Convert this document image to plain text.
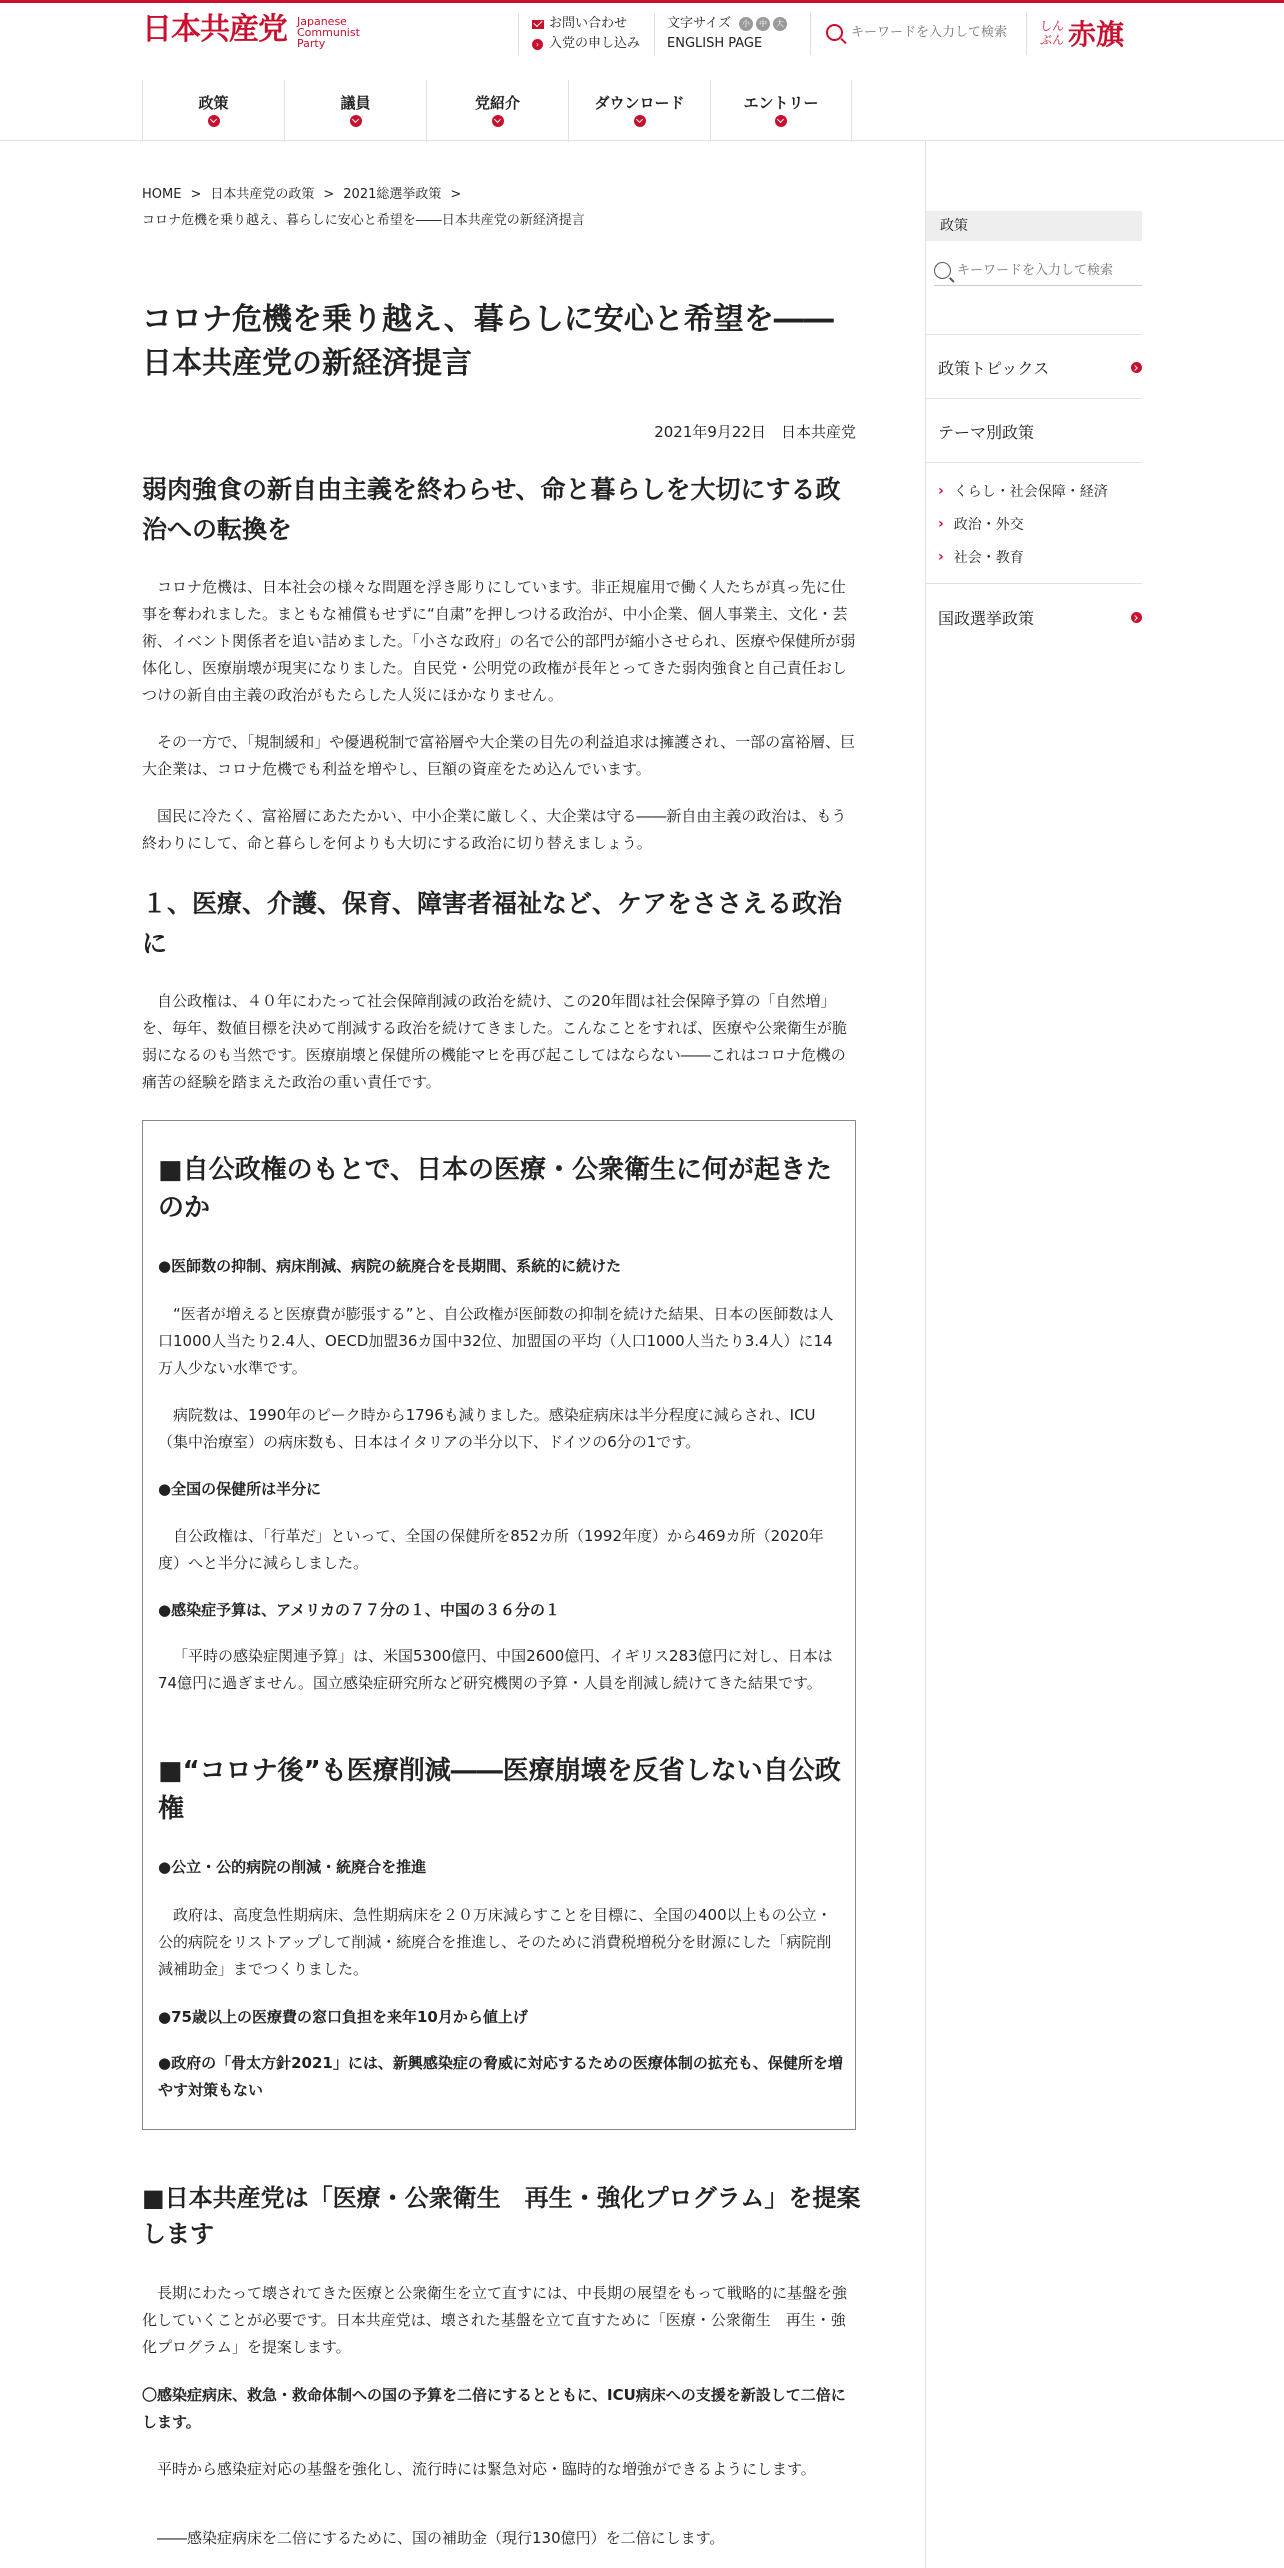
日本共産党 Japanese
Communist
Party
お問い合わせ
› 入党の申し込み
文字サイズ	小	中	大
ENGLISH PAGE
キーワードを入力して検索
しんぶん 赤旗
政策	議員	党紹介	ダウンロード	エントリー
政策
キーワードを入力して検索
政策トピックス
テーマ別政策
› くらし・社会保障・経済
› 政治・外交
› 社会・教育
国政選挙政策
HOME > 日本共産党の政策 > 2021総選挙政策 >
コロナ危機を乗り越え、暮らしに安心と希望を――日本共産党の新経済提言
コロナ危機を乗り越え、暮らしに安心と希望を――日本共産党の新経済提言
2021年9月22日　日本共産党
弱肉強食の新自由主義を終わらせ、命と暮らしを大切にする政治への転換を

コロナ危機は、日本社会の様々な問題を浮き彫りにしています。非正規雇用で働く人たちが真っ先に仕事を奪われました。まともな補償もせずに“自粛”を押しつける政治が、中小企業、個人事業主、文化・芸術、イベント関係者を追い詰めました。「小さな政府」の名で公的部門が縮小させられ、医療や保健所が弱体化し、医療崩壊が現実になりました。自民党・公明党の政権が長年とってきた弱肉強食と自己責任おしつけの新自由主義の政治がもたらした人災にほかなりません。

その一方で、「規制緩和」や優遇税制で富裕層や大企業の目先の利益追求は擁護され、一部の富裕層、巨大企業は、コロナ危機でも利益を増やし、巨額の資産をため込んでいます。

国民に冷たく、富裕層にあたたかい、中小企業に厳しく、大企業は守る――新自由主義の政治は、もう終わりにして、命と暮らしを何よりも大切にする政治に切り替えましょう。

１、医療、介護、保育、障害者福祉など、ケアをささえる政治に

自公政権は、４０年にわたって社会保障削減の政治を続け、この20年間は社会保障予算の「自然増」を、毎年、数値目標を決めて削減する政治を続けてきました。こんなことをすれば、医療や公衆衛生が脆弱になるのも当然です。医療崩壊と保健所の機能マヒを再び起こしてはならない――これはコロナ危機の痛苦の経験を踏まえた政治の重い責任です。

■自公政権のもとで、日本の医療・公衆衛生に何が起きたのか
●医師数の抑制、病床削減、病院の統廃合を長期間、系統的に続けた

“医者が増えると医療費が膨張する”と、自公政権が医師数の抑制を続けた結果、日本の医師数は人口1000人当たり2.4人、OECD加盟36カ国中32位、加盟国の平均（人口1000人当たり3.4人）に14万人少ない水準です。

病院数は、1990年のピーク時から1796も減りました。感染症病床は半分程度に減らされ、ICU（集中治療室）の病床数も、日本はイタリアの半分以下、ドイツの6分の1です。

●全国の保健所は半分に

自公政権は、「行革だ」といって、全国の保健所を852カ所（1992年度）から469カ所（2020年度）へと半分に減らしました。

●感染症予算は、アメリカの７７分の１、中国の３６分の１

「平時の感染症関連予算」は、米国5300億円、中国2600億円、イギリス283億円に対し、日本は74億円に過ぎません。国立感染症研究所など研究機関の予算・人員を削減し続けてきた結果です。

■“コロナ後”も医療削減――医療崩壊を反省しない自公政権
●公立・公的病院の削減・統廃合を推進

政府は、高度急性期病床、急性期病床を２０万床減らすことを目標に、全国の400以上もの公立・公的病院をリストアップして削減・統廃合を推進し、そのために消費税増税分を財源にした「病院削減補助金」までつくりました。

●75歳以上の医療費の窓口負担を来年10月から値上げ
●政府の「骨太方針2021」には、新興感染症の脅威に対応するための医療体制の拡充も、保健所を増やす対策もない
■日本共産党は「医療・公衆衛生　再生・強化プログラム」を提案します

長期にわたって壊されてきた医療と公衆衛生を立て直すには、中長期の展望をもって戦略的に基盤を強化していくことが必要です。日本共産党は、壊された基盤を立て直すために「医療・公衆衛生　再生・強化プログラム」を提案します。

〇感染症病床、救急・救命体制への国の予算を二倍にするとともに、ICU病床への支援を新設して二倍にします。

平時から感染症対応の基盤を強化し、流行時には緊急対応・臨時的な増強ができるようにします。

――感染症病床を二倍にするために、国の補助金（現行130億円）を二倍にします。
